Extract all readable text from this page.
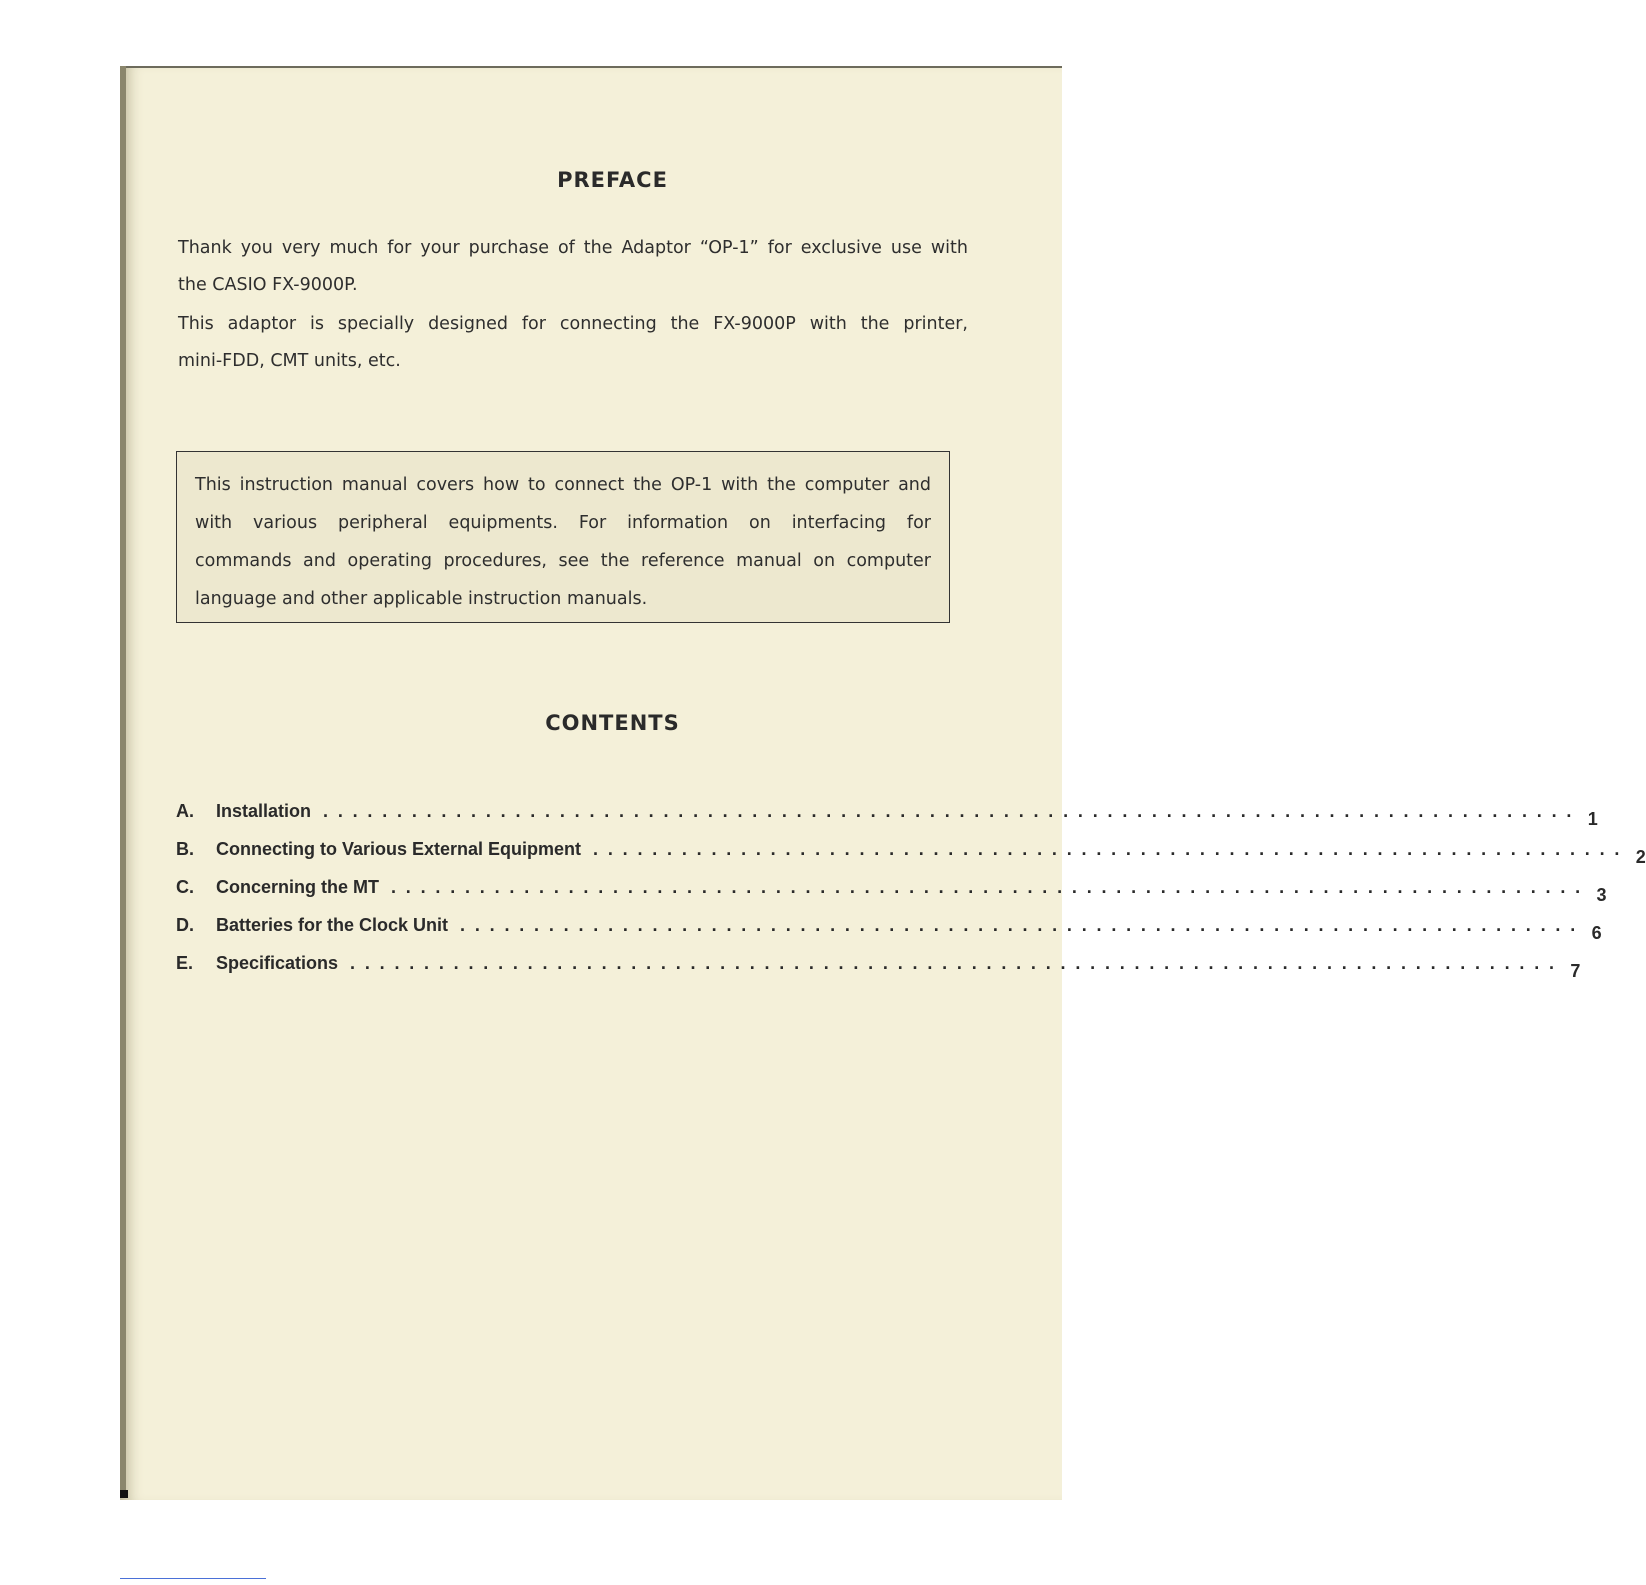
PREFACE

Thank you very much for your purchase of the Adaptor “OP-1” for exclusive use with

the CASIO FX-9000P.

This adaptor is specially designed for connecting the FX-9000P with the printer,

mini-FDD, CMT units, etc.

This instruction manual covers how to connect the OP-1 with the computer and
with various peripheral equipments. For information on interfacing for
commands and operating procedures, see the reference manual on computer
language and other applicable instruction manuals.
CONTENTS
A.	Installation . . . . . . . . . . . . . . . . . . . . . . . . . . . . . . . . . . . . . . . . . . . . . . . . . . . . . . . . . . . . . . . . . . . . . . . . . . . . . . . . . . . . . 1
B.	Connecting to Various External Equipment . . . . . . . . . . . . . . . . . . . . . . . . . . . . . . . . . . . . . . . . . . . . . . . . . . . . . . . . . . . . . . . . . . . . . . 2
C.	Concerning the MT . . . . . . . . . . . . . . . . . . . . . . . . . . . . . . . . . . . . . . . . . . . . . . . . . . . . . . . . . . . . . . . . . . . . . . . . . . . . . . . . . 3
D.	Batteries for the Clock Unit . . . . . . . . . . . . . . . . . . . . . . . . . . . . . . . . . . . . . . . . . . . . . . . . . . . . . . . . . . . . . . . . . . . . . . . . . . . . 6
E.	Specifications . . . . . . . . . . . . . . . . . . . . . . . . . . . . . . . . . . . . . . . . . . . . . . . . . . . . . . . . . . . . . . . . . . . . . . . . . . . . . . . . . . 7
